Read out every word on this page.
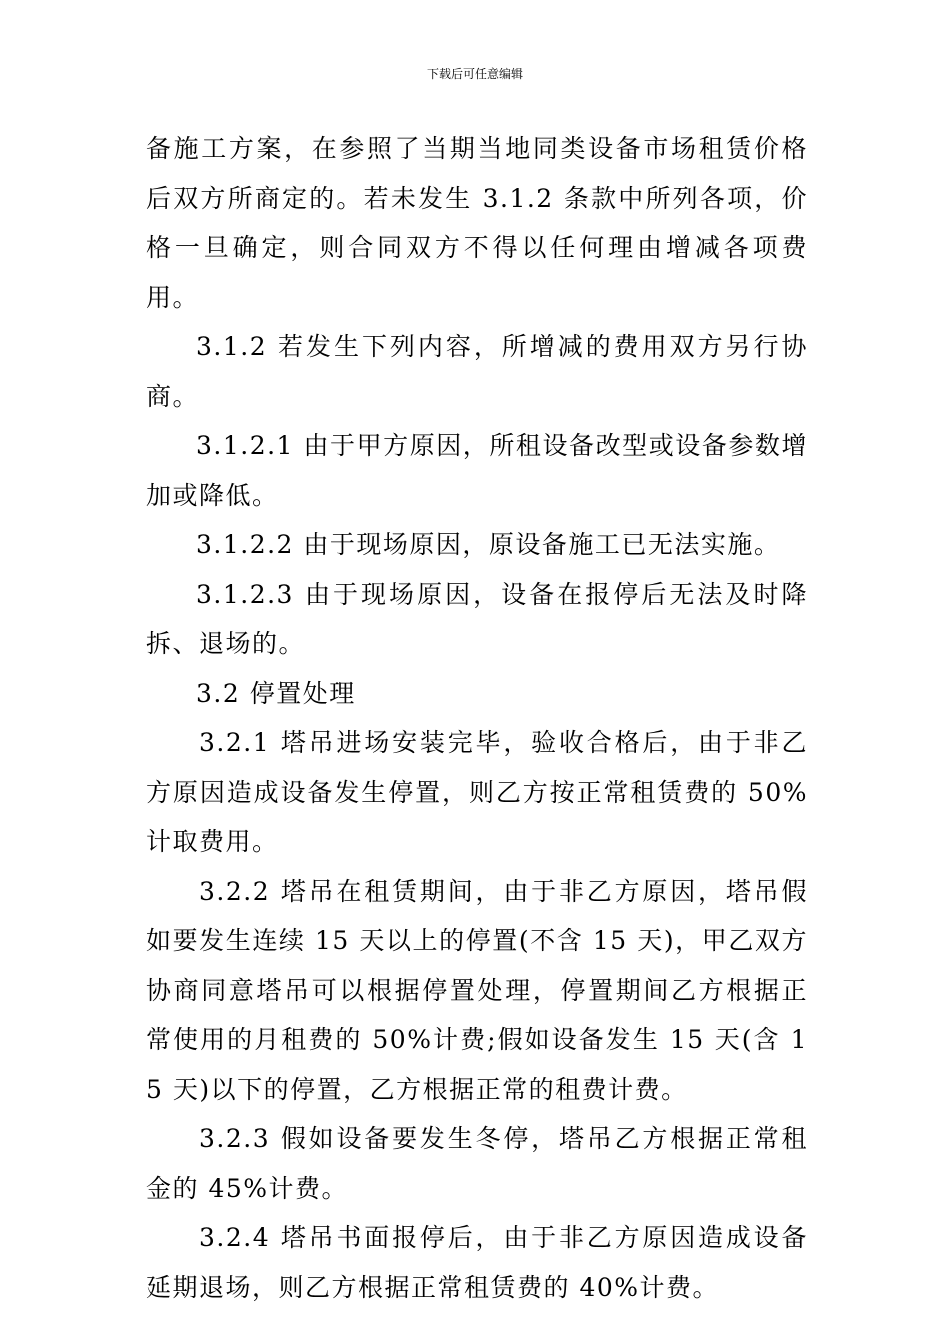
下载后可任意编辑

备施工方案，在参照了当期当地同类设备市场租赁价格后双方所商定的。若未发生 3.1.2 条款中所列各项，价格一旦确定，则合同双方不得以任何理由增减各项费用。

3.1.2 若发生下列内容，所增减的费用双方另行协商。

3.1.2.1 由于甲方原因，所租设备改型或设备参数增加或降低。

3.1.2.2 由于现场原因，原设备施工已无法实施。

3.1.2.3 由于现场原因，设备在报停后无法及时降拆、退场的。

3.2 停置处理

3.2.1 塔吊进场安装完毕，验收合格后，由于非乙方原因造成设备发生停置，则乙方按正常租赁费的 50%计取费用。

3.2.2 塔吊在租赁期间，由于非乙方原因，塔吊假如要发生连续 15 天以上的停置(不含 15 天)，甲乙双方协商同意塔吊可以根据停置处理，停置期间乙方根据正常使用的月租费的 50%计费;假如设备发生 15 天(含 15 天)以下的停置，乙方根据正常的租费计费。

3.2.3 假如设备要发生冬停，塔吊乙方根据正常租金的 45%计费。

3.2.4 塔吊书面报停后，由于非乙方原因造成设备延期退场，则乙方根据正常租赁费的 40%计费。
